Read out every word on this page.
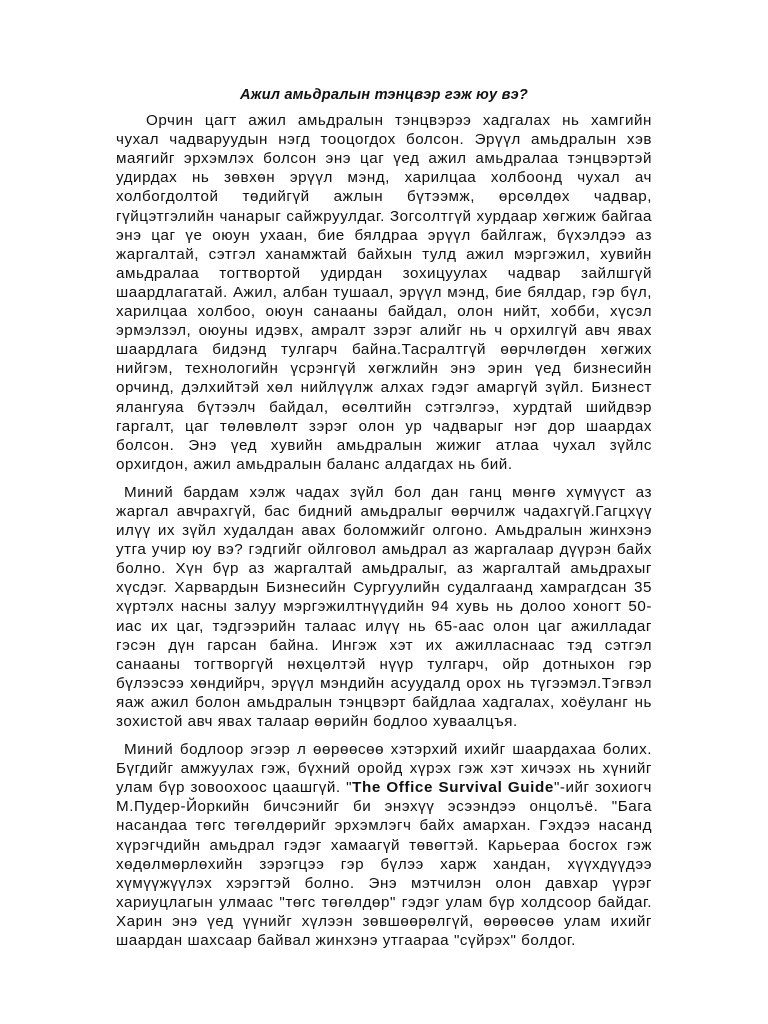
Ажил амьдралын тэнцвэр гэж юу вэ?

Орчин цагт ажил амьдралын тэнцвэрээ хадгалах нь хамгийн чухал чадваруудын нэгд тооцогдох болсон. Эрүүл амьдралын хэв маягийг эрхэмлэх болсон энэ цаг үед ажил амьдралаа тэнцвэртэй удирдах нь зөвхөн эрүүл мэнд, харилцаа холбоонд чухал ач холбогдолтой төдийгүй ажлын бүтээмж, өрсөлдөх чадвар, гүйцэтгэлийн чанарыг сайжруулдаг. Зогсолтгүй хурдаар хөгжиж байгаа энэ цаг үе оюун ухаан, бие бялдраа эрүүл байлгаж, бүхэлдээ аз жаргалтай, сэтгэл ханамжтай байхын тулд ажил мэргэжил, хувийн амьдралаа тогтвортой удирдан зохицуулах чадвар зайлшгүй шаардлагатай. Ажил, албан тушаал, эрүүл мэнд, бие бялдар, гэр бүл, харилцаа холбоо, оюун санааны байдал, олон нийт, хобби, хүсэл эрмэлзэл, оюуны идэвх, амралт зэрэг алийг нь ч орхилгүй авч явах шаардлага бидэнд тулгарч байна.Тасралтгүй өөрчлөгдөн хөгжих нийгэм, технологийн үсрэнгүй хөгжлийн энэ эрин үед бизнесийн орчинд, дэлхийтэй хөл нийлүүлж алхах гэдэг амаргүй зүйл. Бизнест ялангуяа бүтээлч байдал, өсөлтийн сэтгэлгээ, хурдтай шийдвэр гаргалт, цаг төлөвлөлт зэрэг олон ур чадварыг нэг дор шаардах болсон. Энэ үед хувийн амьдралын жижиг атлаа чухал зүйлс орхигдон, ажил амьдралын баланс алдагдах нь бий.

Миний бардам хэлж чадах зүйл бол дан ганц мөнгө хүмүүст аз жаргал авчрахгүй, бас бидний амьдралыг өөрчилж чадахгүй.Гагцхүү илүү их зүйл худалдан авах боломжийг олгоно. Амьдралын жинхэнэ утга учир юу вэ? гэдгийг ойлговол амьдрал аз жаргалаар дүүрэн байх болно. Хүн бүр аз жаргалтай амьдралыг, аз жаргалтай амьдрахыг хүсдэг. Харвардын Бизнесийн Сургуулийн судалгаанд хамрагдсан 35 хүртэлх насны залуу мэргэжилтнүүдийн 94 хувь нь долоо хоногт 50-иас их цаг, тэдгээрийн талаас илүү нь 65-аас олон цаг ажилладаг гэсэн дүн гарсан байна. Ингэж хэт их ажилласнаас тэд сэтгэл санааны тогтворгүй нөхцөлтэй нүүр тулгарч, ойр дотныхон гэр бүлээсээ хөндийрч, эрүүл мэндийн асуудалд орох нь түгээмэл.Тэгвэл яаж ажил болон амьдралын тэнцвэрт байдлаа хадгалах, хоёуланг нь зохистой авч явах талаар өөрийн бодлоо хуваалцъя.

Миний бодлоор эгээр л өөрөөсөө хэтэрхий ихийг шаардахаа болих. Бүгдийг амжуулах гэж, бүхний оройд хүрэх гэж хэт хичээх нь хүнийг улам бүр зовоохоос цаашгүй. "The Office Survival Guide"-ийг зохиогч М.Пудер-Йоркийн бичсэнийг би энэхүү эсээндээ онцолъё. "Бага насандаа төгс төгөлдөрийг эрхэмлэгч байх амархан. Гэхдээ насанд хүрэгчдийн амьдрал гэдэг хамаагүй төвөгтэй. Карьераа босгох гэж хөдөлмөрлөхийн зэрэгцээ гэр бүлээ харж хандан, хүүхдүүдээ хүмүүжүүлэх хэрэгтэй болно. Энэ мэтчилэн олон давхар үүрэг хариуцлагын улмаас "төгс төгөлдөр" гэдэг улам бүр холдсоор байдаг. Харин энэ үед үүнийг хүлээн зөвшөөрөлгүй, өөрөөсөө улам ихийг шаардан шахсаар байвал жинхэнэ утгаараа "сүйрэх" болдог.
